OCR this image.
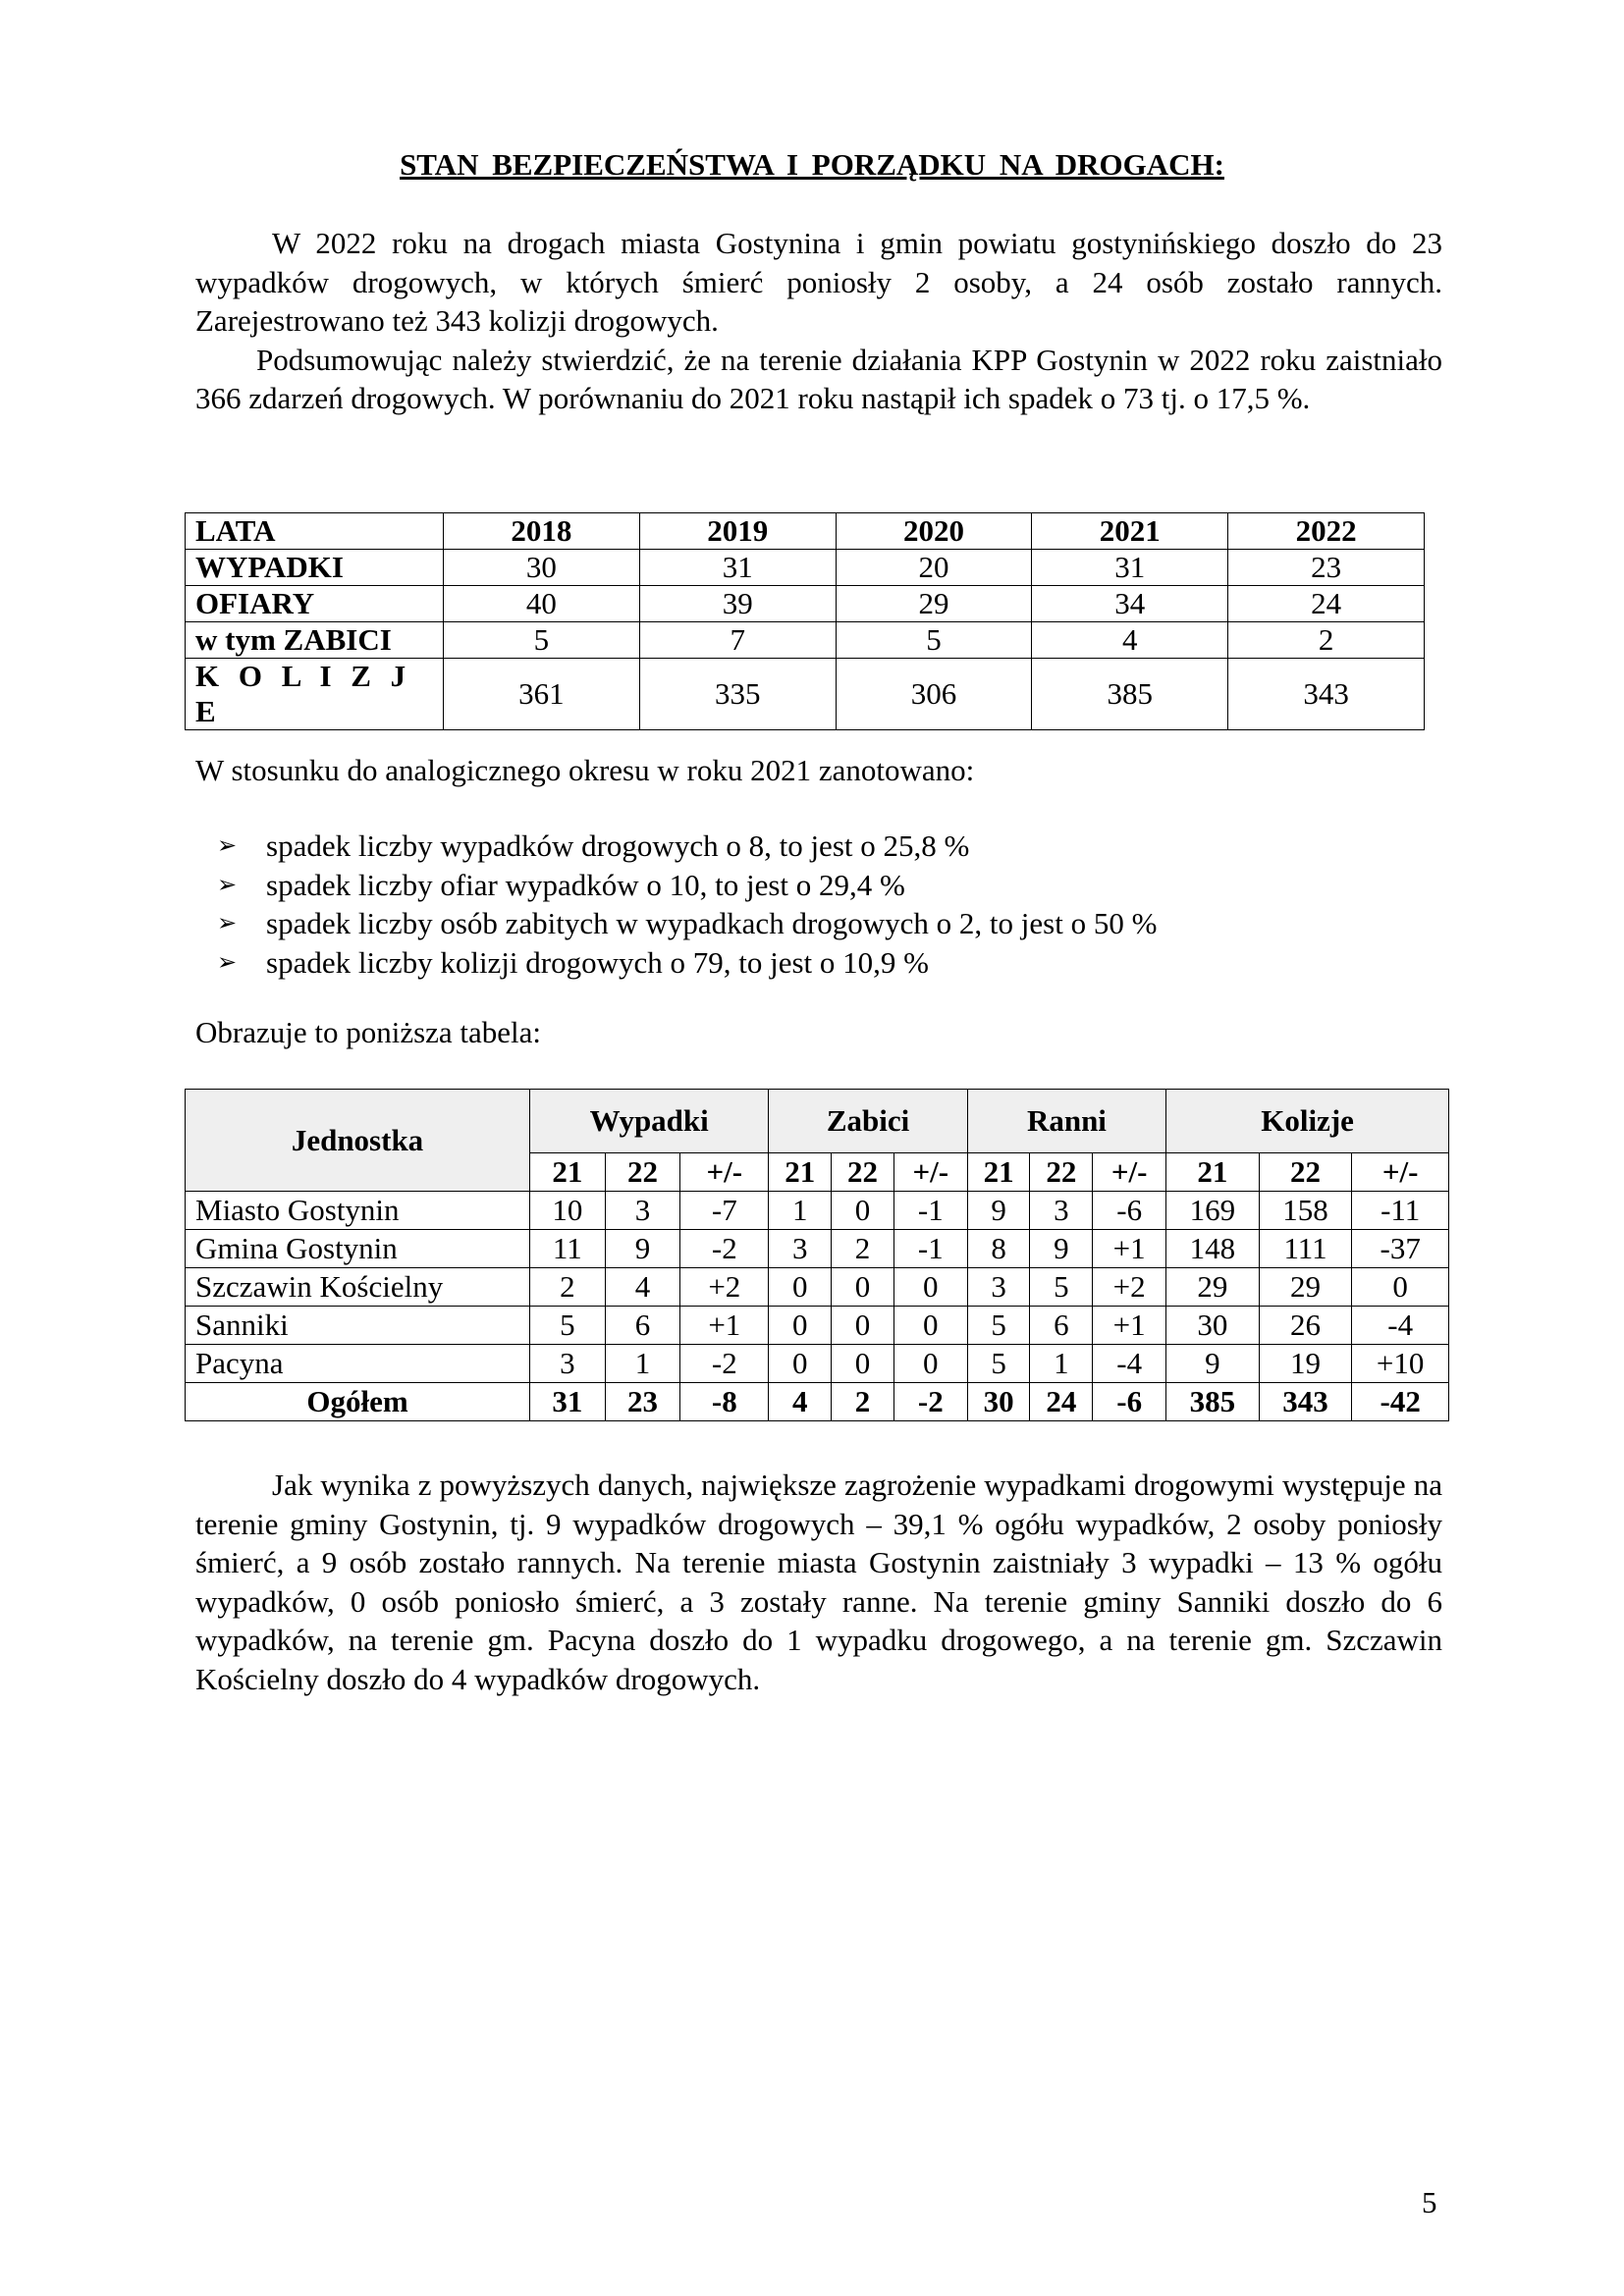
STAN BEZPIECZEŃSTWA I PORZĄDKU NA DROGACH:

W 2022 roku na drogach miasta Gostynina i gmin powiatu gostynińskiego doszło do 23 wypadków drogowych, w których śmierć poniosły 2 osoby, a 24 osób zostało rannych. Zarejestrowano też 343 kolizji drogowych.

Podsumowując należy stwierdzić, że na terenie działania KPP Gostynin w 2022 roku zaistniało 366 zdarzeń drogowych. W porównaniu do 2021 roku nastąpił ich spadek o 73 tj. o 17,5 %.

LATA	2018	2019	2020	2021	2022
WYPADKI	30	31	20	31	23
OFIARY	40	39	29	34	24
w tym ZABICI	5	7	5	4	2
K O L I Z J E	361	335	306	385	343
W stosunku do analogicznego okresu w roku 2021 zanotowano:
➢ spadek liczby wypadków drogowych o 8, to jest o 25,8 %
➢ spadek liczby ofiar wypadków o 10, to jest o 29,4 %
➢ spadek liczby osób zabitych w wypadkach drogowych o 2, to jest o 50 %
➢ spadek liczby kolizji drogowych o 79, to jest o 10,9 %
Obrazuje to poniższa tabela:
Jednostka	Wypadki			Zabici			Ranni			Kolizje		
	21	22	+/-	21	22	+/-	21	22	+/-	21	22	+/-
Miasto Gostynin	10	3	-7	1	0	-1	9	3	-6	169	158	-11
Gmina Gostynin	11	9	-2	3	2	-1	8	9	+1	148	111	-37
Szczawin Kościelny	2	4	+2	0	0	0	3	5	+2	29	29	0
Sanniki	5	6	+1	0	0	0	5	6	+1	30	26	-4
Pacyna	3	1	-2	0	0	0	5	1	-4	9	19	+10
Ogółem	31	23	-8	4	2	-2	30	24	-6	385	343	-42

Jak wynika z powyższych danych, największe zagrożenie wypadkami drogowymi występuje na terenie gminy Gostynin, tj. 9 wypadków drogowych – 39,1 % ogółu wypadków, 2 osoby poniosły śmierć, a 9 osób zostało rannych. Na terenie miasta Gostynin zaistniały 3 wypadki – 13 % ogółu wypadków, 0 osób poniosło śmierć, a 3 zostały ranne. Na terenie gminy Sanniki doszło do 6 wypadków, na terenie gm. Pacyna doszło do 1 wypadku drogowego, a na terenie gm. Szczawin Kościelny doszło do 4 wypadków drogowych.

5
